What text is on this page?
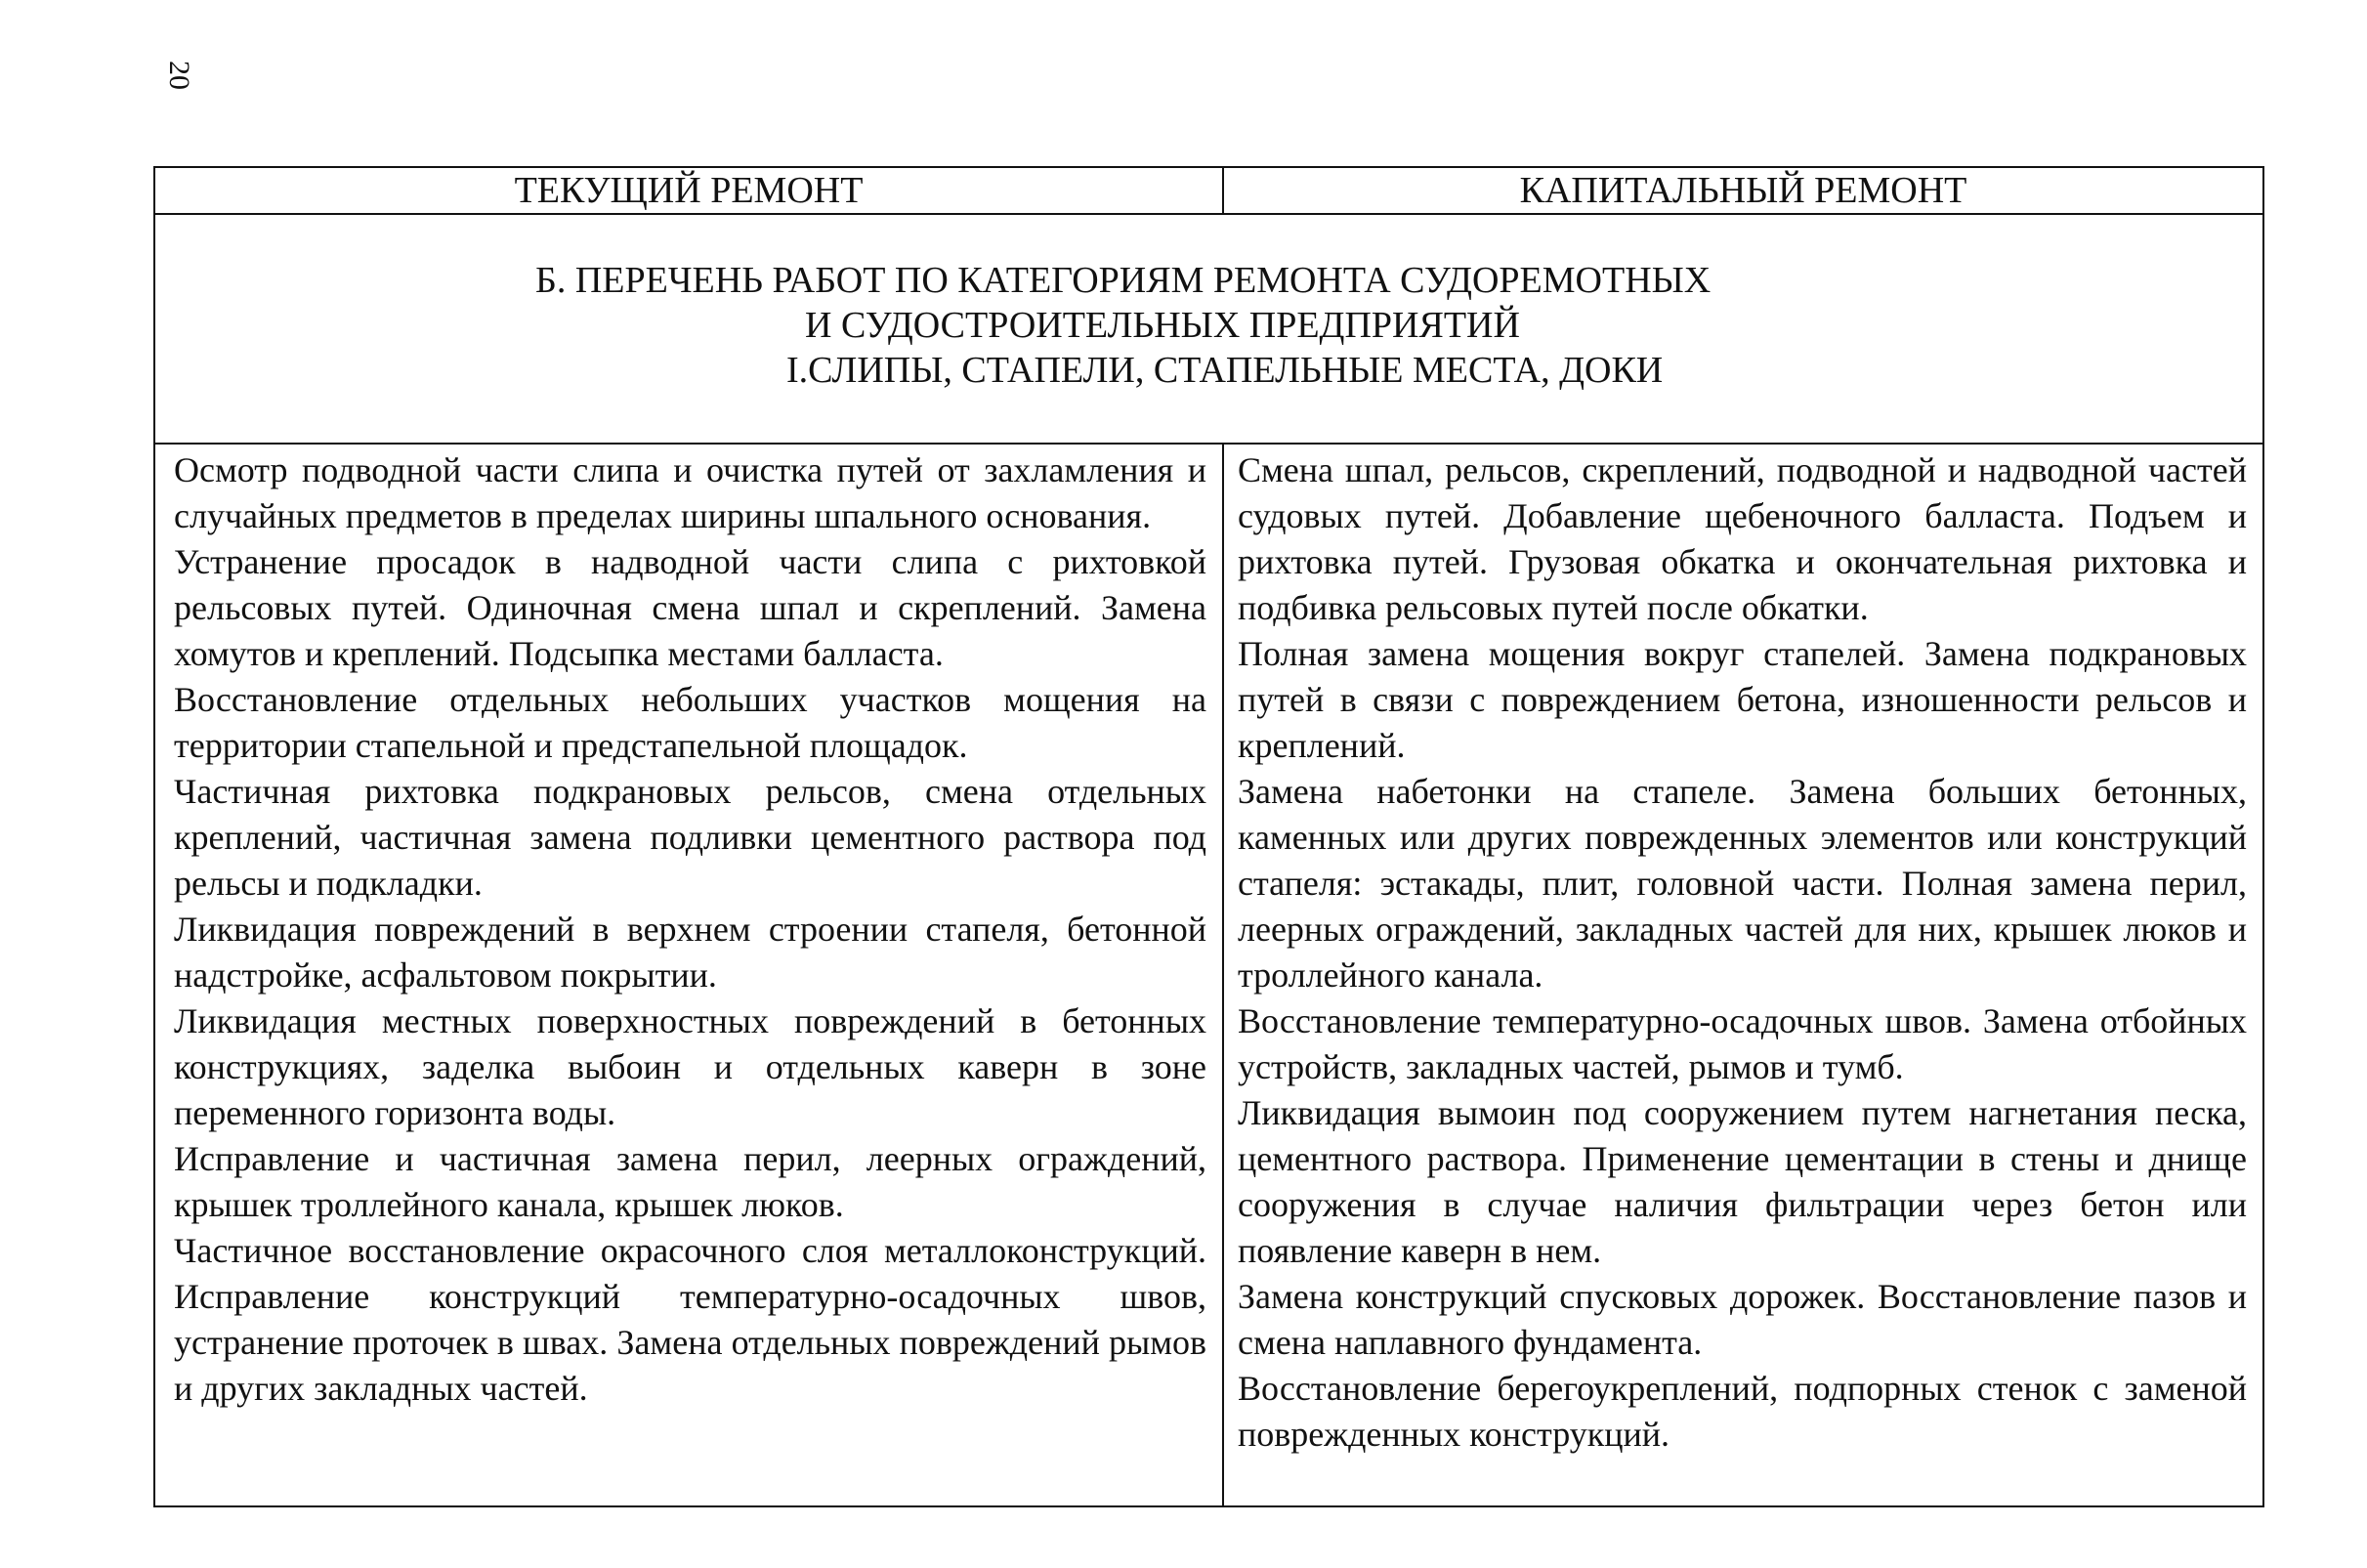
20
ТЕКУЩИЙ РЕМОНТ	КАПИТАЛЬНЫЙ РЕМОНТ
Б. ПЕРЕЧЕНЬ РАБОТ ПО КАТЕГОРИЯМ РЕМОНТА СУДОРЕМОТНЫХ
И СУДОСТРОИТЕЛЬНЫХ ПРЕДПРИЯТИЙ
I.СЛИПЫ, СТАПЕЛИ, СТАПЕЛЬНЫЕ МЕСТА, ДОКИ

Осмотр подводной части слипа и очистка путей от захламления и случайных предметов в пределах ширины шпального основания.

Устранение просадок в надводной части слипа с рихтовкой рельсовых путей. Одиночная смена шпал и скреплений. Замена хомутов и креплений. Подсыпка местами балласта.

Восстановление отдельных небольших участков мощения на территории стапельной и предстапельной площадок.

Частичная рихтовка подкрановых рельсов, смена отдельных креплений, частичная замена подливки цементного раствора под рельсы и подкладки.

Ликвидация повреждений в верхнем строении стапеля, бетонной надстройке, асфальтовом покрытии.

Ликвидация местных поверхностных повреждений в бетонных конструкциях, заделка выбоин и отдельных каверн в зоне переменного горизонта воды.

Исправление и частичная замена перил, леерных ограждений, крышек троллейного канала, крышек люков.

Частичное восстановление окрасочного слоя металлоконструкций. Исправление конструкций температурно-осадочных швов, устранение проточек в швах. Замена отдельных повреждений рымов и других закладных частей.

Смена шпал, рельсов, скреплений, подводной и надводной частей судовых путей. Добавление щебеночного балласта. Подъем и рихтовка путей. Грузовая обкатка и окончательная рихтовка и подбивка рельсовых путей после обкатки.

Полная замена мощения вокруг стапелей. Замена подкрановых путей в связи с повреждением бетона, изношенности рельсов и креплений.

Замена набетонки на стапеле. Замена больших бетонных, каменных или других поврежденных элементов или конструкций стапеля: эстакады, плит, головной части. Полная замена перил, леерных ограждений, закладных частей для них, крышек люков и троллейного канала.

Восстановление температурно-осадочных швов. Замена отбойных устройств, закладных частей, рымов и тумб.

Ликвидация вымоин под сооружением путем нагнетания песка, цементного раствора. Применение цементации в стены и днище сооружения в случае наличия фильтрации через бетон или появление каверн в нем.

Замена конструкций спусковых дорожек. Восстановление пазов и смена наплавного фундамента.

Восстановление берегоукреплений, подпорных стенок с заменой поврежденных конструкций.
